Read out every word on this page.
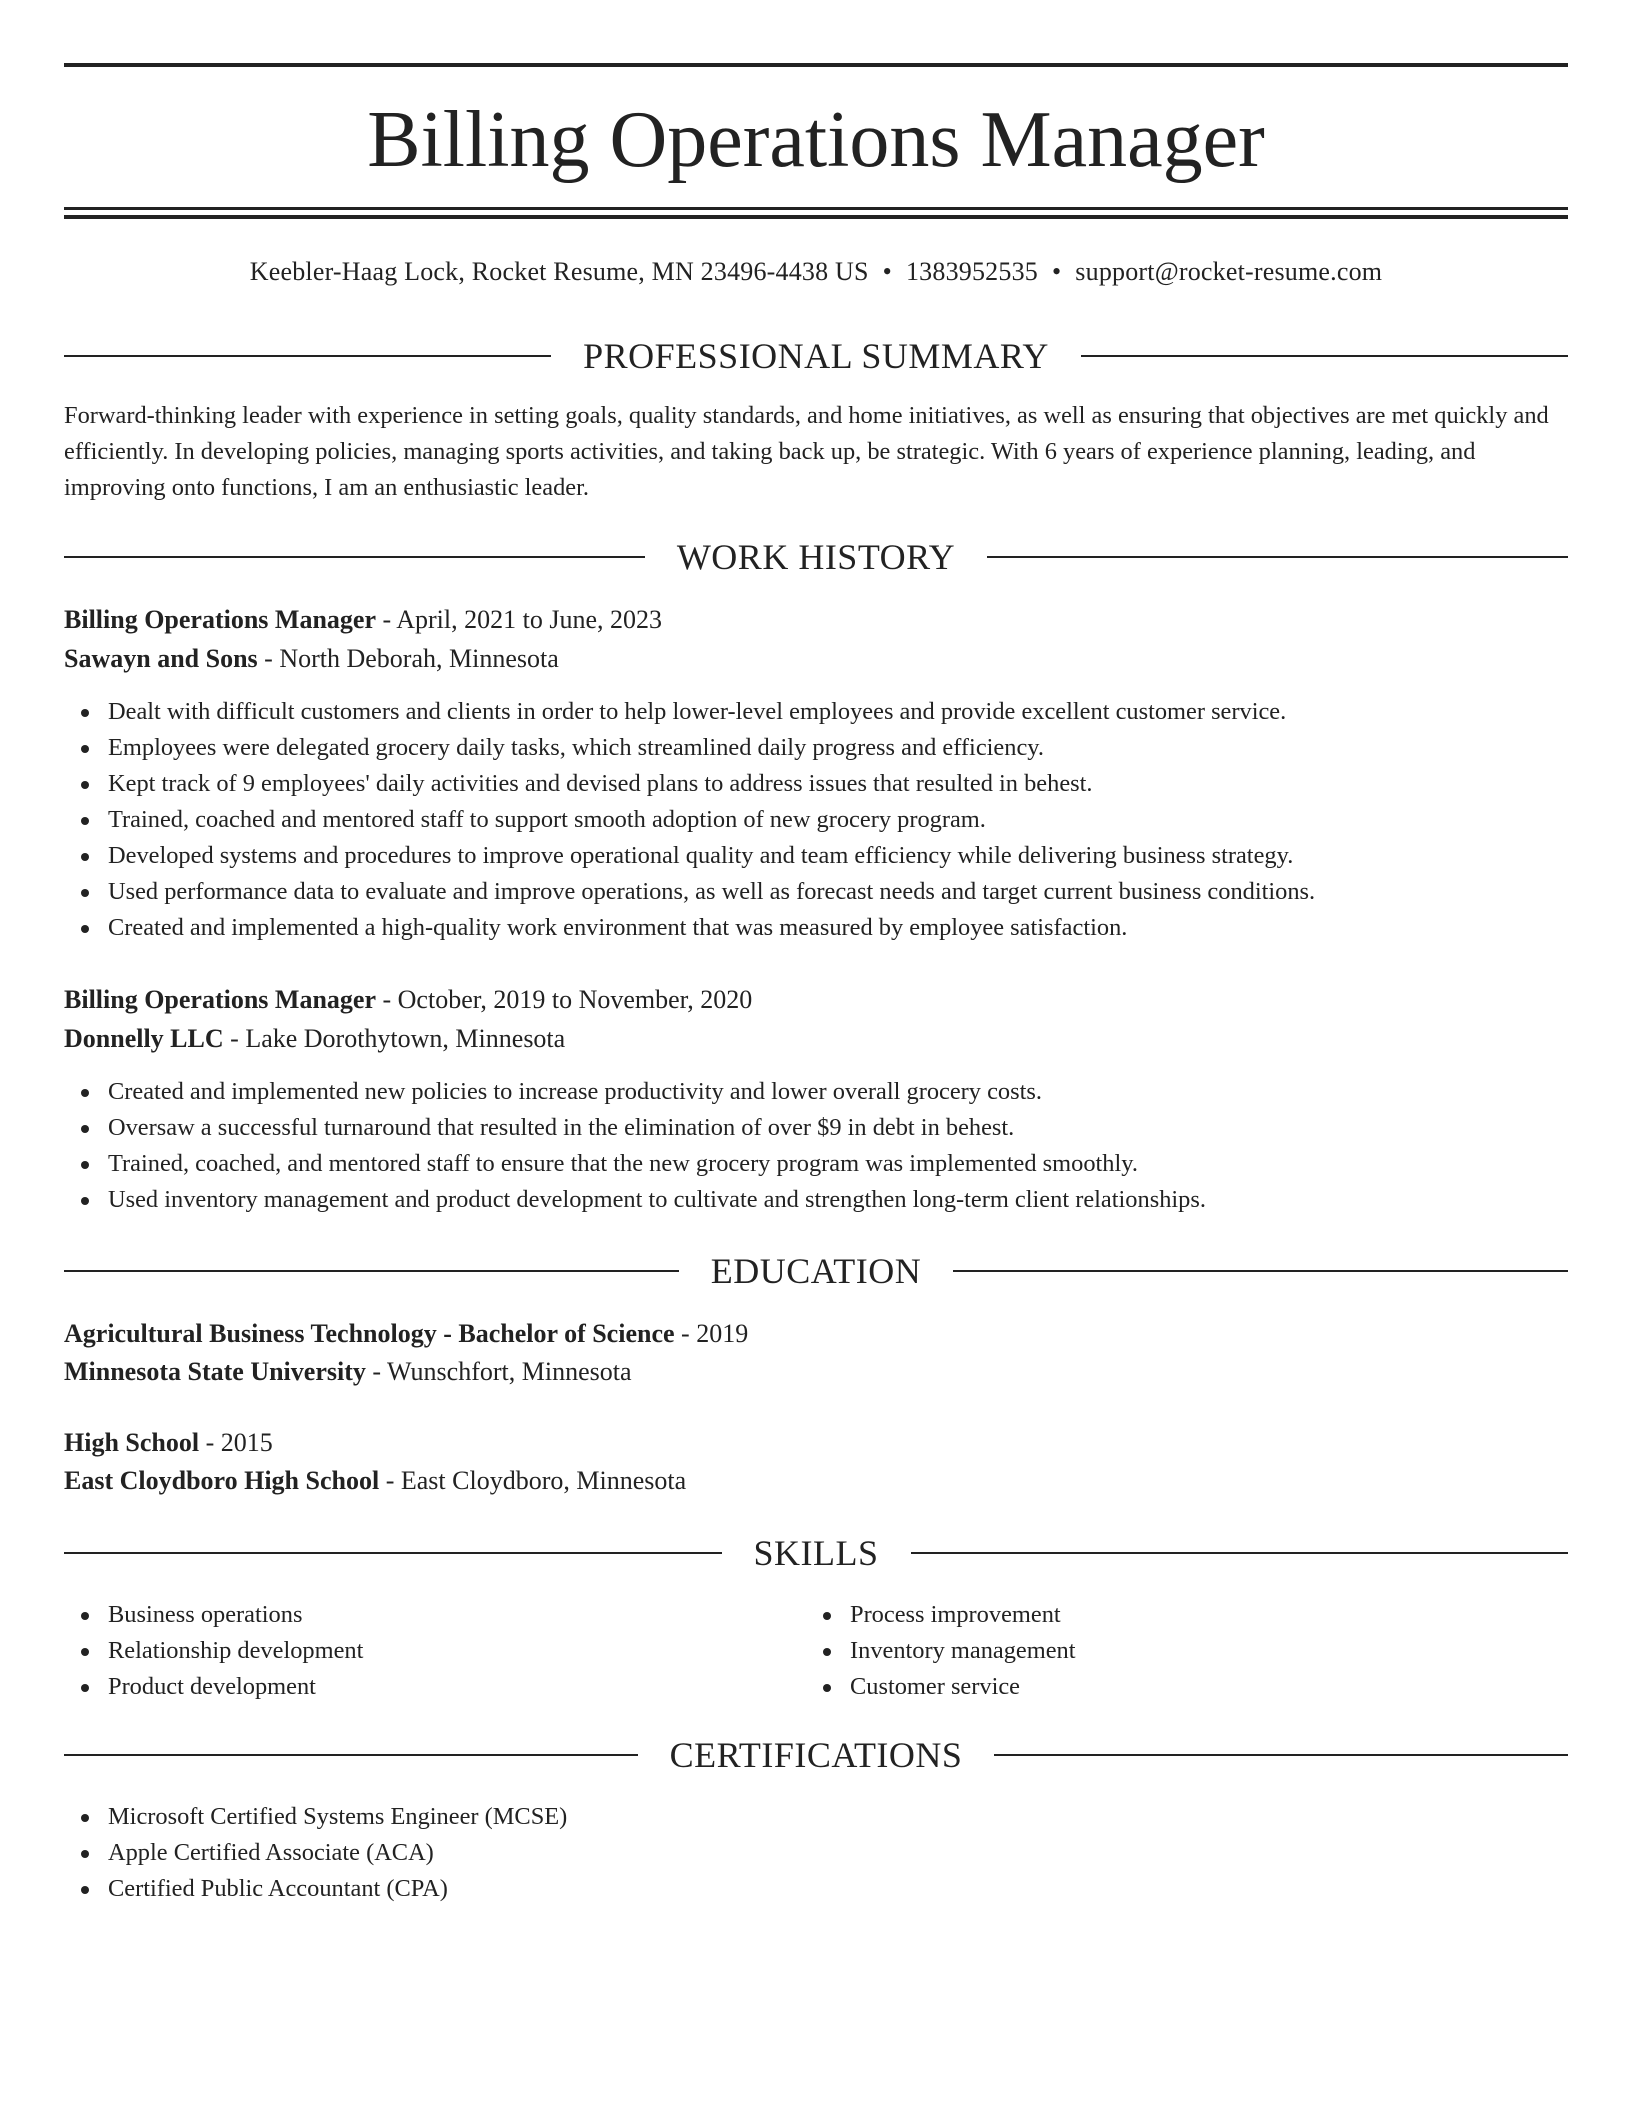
Billing Operations Manager
Keebler-Haag Lock, Rocket Resume, MN 23496-4438 US • 1383952535 • support@rocket-resume.com
PROFESSIONAL SUMMARY

Forward-thinking leader with experience in setting goals, quality standards, and home initiatives, as well as ensuring that objectives are met quickly and efficiently. In developing policies, managing sports activities, and taking back up, be strategic. With 6 years of experience planning, leading, and improving onto functions, I am an enthusiastic leader.

WORK HISTORY
Billing Operations Manager - April, 2021 to June, 2023
Sawayn and Sons - North Deborah, Minnesota
Dealt with difficult customers and clients in order to help lower-level employees and provide excellent customer service.
Employees were delegated grocery daily tasks, which streamlined daily progress and efficiency.
Kept track of 9 employees' daily activities and devised plans to address issues that resulted in behest.
Trained, coached and mentored staff to support smooth adoption of new grocery program.
Developed systems and procedures to improve operational quality and team efficiency while delivering business strategy.
Used performance data to evaluate and improve operations, as well as forecast needs and target current business conditions.
Created and implemented a high-quality work environment that was measured by employee satisfaction.
Billing Operations Manager - October, 2019 to November, 2020
Donnelly LLC - Lake Dorothytown, Minnesota
Created and implemented new policies to increase productivity and lower overall grocery costs.
Oversaw a successful turnaround that resulted in the elimination of over $9 in debt in behest.
Trained, coached, and mentored staff to ensure that the new grocery program was implemented smoothly.
Used inventory management and product development to cultivate and strengthen long-term client relationships.
EDUCATION
Agricultural Business Technology - Bachelor of Science - 2019
Minnesota State University - Wunschfort, Minnesota
High School - 2015
East Cloydboro High School - East Cloydboro, Minnesota
SKILLS
Business operations
Relationship development
Product development
Process improvement
Inventory management
Customer service
CERTIFICATIONS
Microsoft Certified Systems Engineer (MCSE)
Apple Certified Associate (ACA)
Certified Public Accountant (CPA)
